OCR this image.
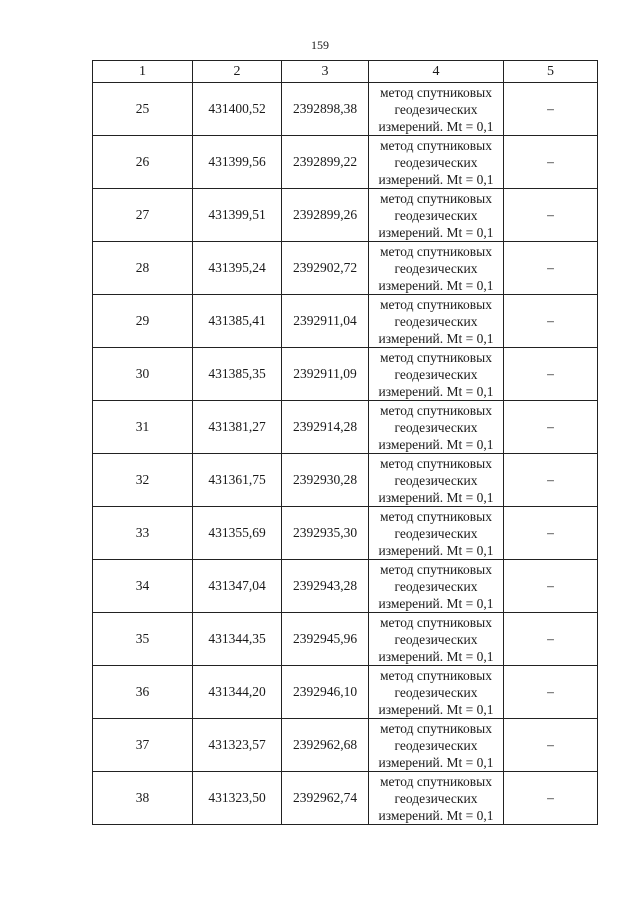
159
1	2	3	4	5
25	431400,52	2392898,38	метод спутниковых
геодезических
измерений. Mt = 0,1	–
26	431399,56	2392899,22	метод спутниковых
геодезических
измерений. Mt = 0,1	–
27	431399,51	2392899,26	метод спутниковых
геодезических
измерений. Mt = 0,1	–
28	431395,24	2392902,72	метод спутниковых
геодезических
измерений. Mt = 0,1	–
29	431385,41	2392911,04	метод спутниковых
геодезических
измерений. Mt = 0,1	–
30	431385,35	2392911,09	метод спутниковых
геодезических
измерений. Mt = 0,1	–
31	431381,27	2392914,28	метод спутниковых
геодезических
измерений. Mt = 0,1	–
32	431361,75	2392930,28	метод спутниковых
геодезических
измерений. Mt = 0,1	–
33	431355,69	2392935,30	метод спутниковых
геодезических
измерений. Mt = 0,1	–
34	431347,04	2392943,28	метод спутниковых
геодезических
измерений. Mt = 0,1	–
35	431344,35	2392945,96	метод спутниковых
геодезических
измерений. Mt = 0,1	–
36	431344,20	2392946,10	метод спутниковых
геодезических
измерений. Mt = 0,1	–
37	431323,57	2392962,68	метод спутниковых
геодезических
измерений. Mt = 0,1	–
38	431323,50	2392962,74	метод спутниковых
геодезических
измерений. Mt = 0,1	–
